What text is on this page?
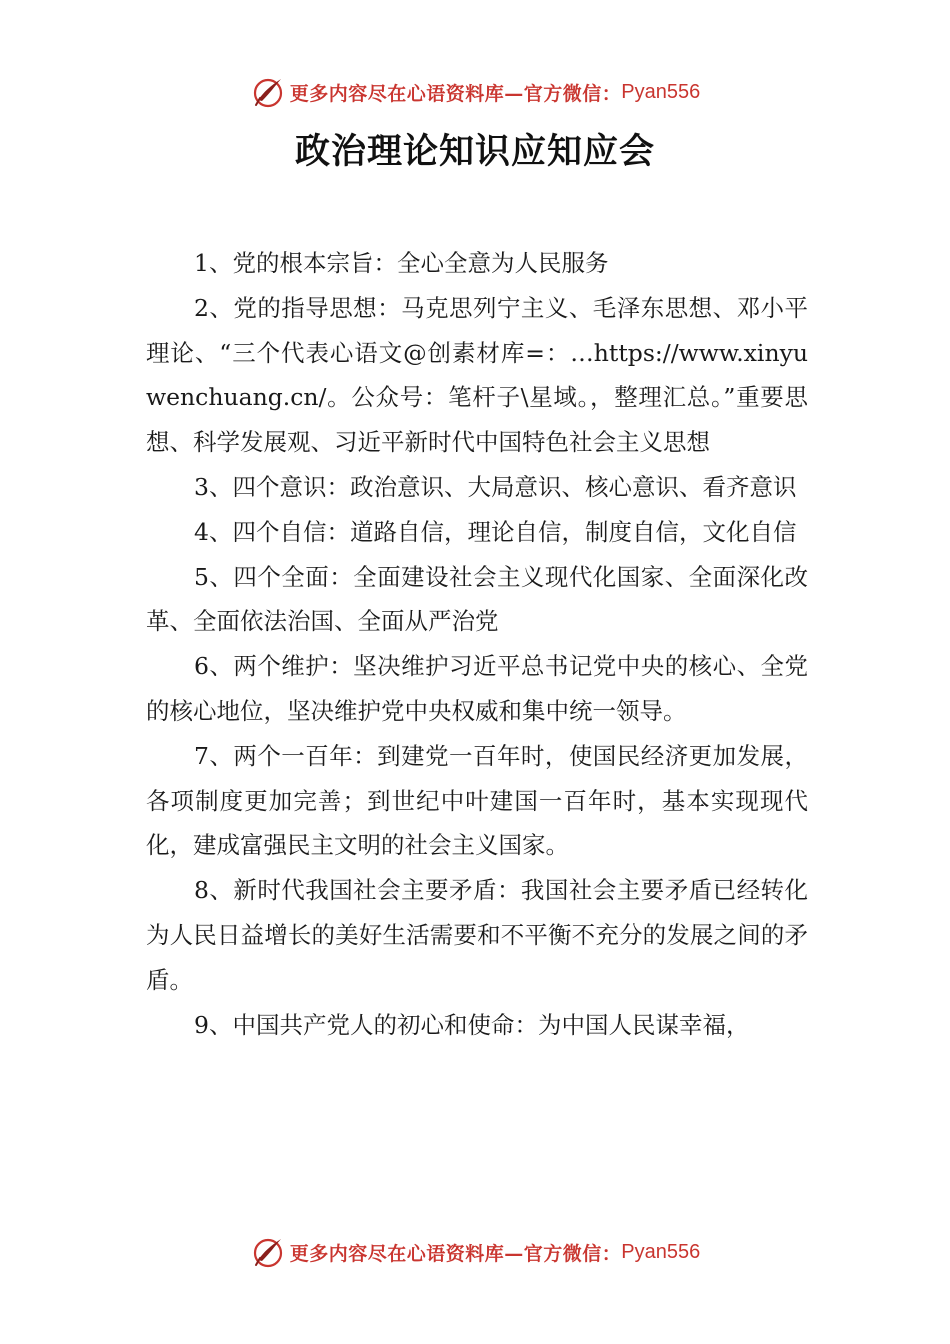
更多内容尽在心语资料库—官方微信： Pyan556
政治理论知识应知应会

1、党的根本宗旨：全心全意为人民服务

2、党的指导思想：马克思列宁主义、毛泽东思想、邓小平理论、“三个代表心语文@创素材库=：…https://www.xinyuwenchuang.cn/。公众号：笔杆子\星域。，整理汇总。”重要思想、科学发展观、习近平新时代中国特色社会主义思想

3、四个意识：政治意识、大局意识、核心意识、看齐意识

4、四个自信：道路自信，理论自信，制度自信，文化自信

5、四个全面：全面建设社会主义现代化国家、全面深化改革、全面依法治国、全面从严治党

6、两个维护：坚决维护习近平总书记党中央的核心、全党的核心地位，坚决维护党中央权威和集中统一领导。

7、两个一百年：到建党一百年时，使国民经济更加发展，各项制度更加完善；到世纪中叶建国一百年时，基本实现现代化，建成富强民主文明的社会主义国家。

8、新时代我国社会主要矛盾：我国社会主要矛盾已经转化为人民日益增长的美好生活需要和不平衡不充分的发展之间的矛盾。

9、中国共产党人的初心和使命：为中国人民谋幸福，

更多内容尽在心语资料库—官方微信： Pyan556
